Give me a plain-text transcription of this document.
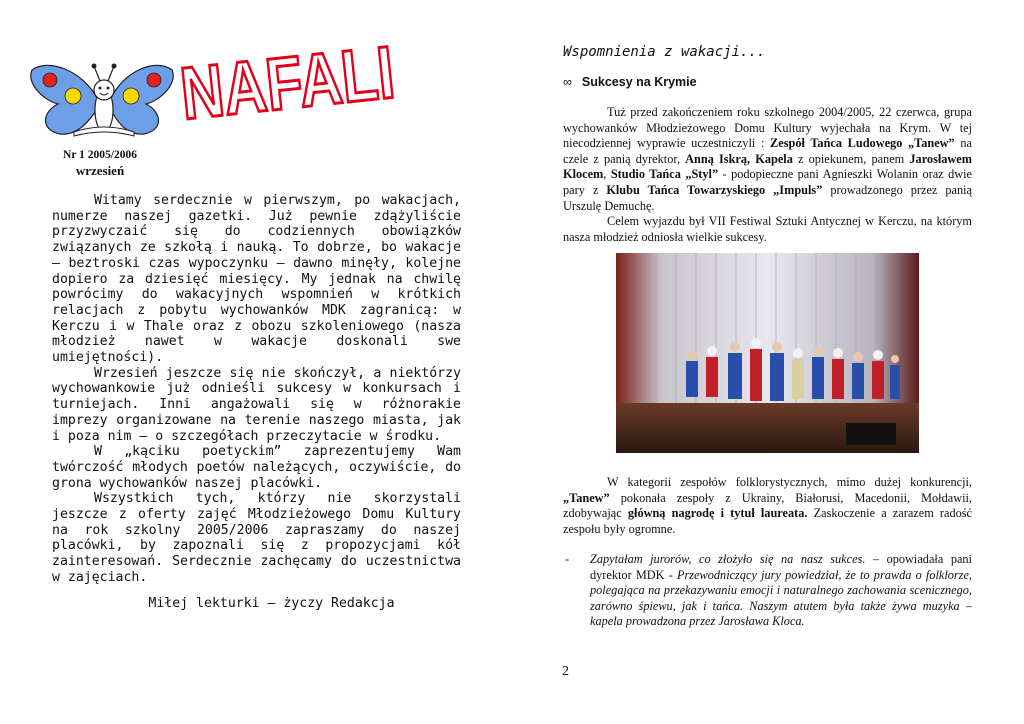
NAFALI
Nr 1 2005/2006
wrzesień

Witamy serdecznie w pierwszym, po wakacjach, numerze naszej gazetki. Już pewnie zdążyliście przyzwyczaić się do codziennych obowiązków związanych ze szkołą i nauką. To dobrze, bo wakacje – beztroski czas wypoczynku – dawno minęły, kolejne dopiero za dziesięć miesięcy. My jednak na chwilę powrócimy do wakacyjnych wspomnień w krótkich relacjach z pobytu wychowanków MDK zagranicą: w Kerczu i w Thale oraz z obozu szkoleniowego (nasza młodzież nawet w wakacje doskonali swe umiejętności).

Wrzesień jeszcze się nie skończył, a niektórzy wychowankowie już odnieśli sukcesy w konkursach i turniejach. Inni angażowali się w różnorakie imprezy organizowane na terenie naszego miasta, jak i poza nim – o szczegółach przeczytacie w środku.

W „kąciku poetyckim” zaprezentujemy Wam twórczość młodych poetów należących, oczywiście, do grona wychowanków naszej placówki.

Wszystkich tych, którzy nie skorzystali jeszcze z oferty zajęć Młodzieżowego Domu Kultury na rok szkolny 2005/2006 zapraszamy do naszej placówki, by zapoznali się z propozycjami kół zainteresowań. Serdecznie zachęcamy do uczestnictwa w zajęciach.

Miłej lekturki – życzy Redakcja

Wspomnienia z wakacji...
∞ Sukcesy na Krymie

Tuż przed zakończeniem roku szkolnego 2004/2005, 22 czerwca, grupa wychowanków Młodzieżowego Domu Kultury wyjechała na Krym. W tej niecodziennej wyprawie uczestniczyli : Zespół Tańca Ludowego „Tanew” na czele z panią dyrektor, Anną Iskrą, Kapela z opiekunem, panem Jarosławem Klocem, Studio Tańca „Styl” - podopieczne pani Agnieszki Wolanin oraz dwie pary z Klubu Tańca Towarzyskiego „Impuls” prowadzonego przez panią Urszulę Demuchę.

Celem wyjazdu był VII Festiwal Sztuki Antycznej w Kerczu, na którym nasza młodzież odniosła wielkie sukcesy.

W kategorii zespołów folklorystycznych, mimo dużej konkurencji, „Tanew” pokonała zespoły z Ukrainy, Białorusi, Macedonii, Mołdawii, zdobywając główną nagrodę i tytuł laureata. Zaskoczenie a zarazem radość zespołu były ogromne.

- Zapytałam jurorów, co złożyło się na nasz sukces. – opowiadała pani dyrektor MDK - Przewodniczący jury powiedział, że to prawda o folklorze, polegająca na przekazywaniu emocji i naturalnego zachowania scenicznego, zarówno śpiewu, jak i tańca. Naszym atutem była także żywa muzyka – kapela prowadzona przez Jarosława Kloca.
2
